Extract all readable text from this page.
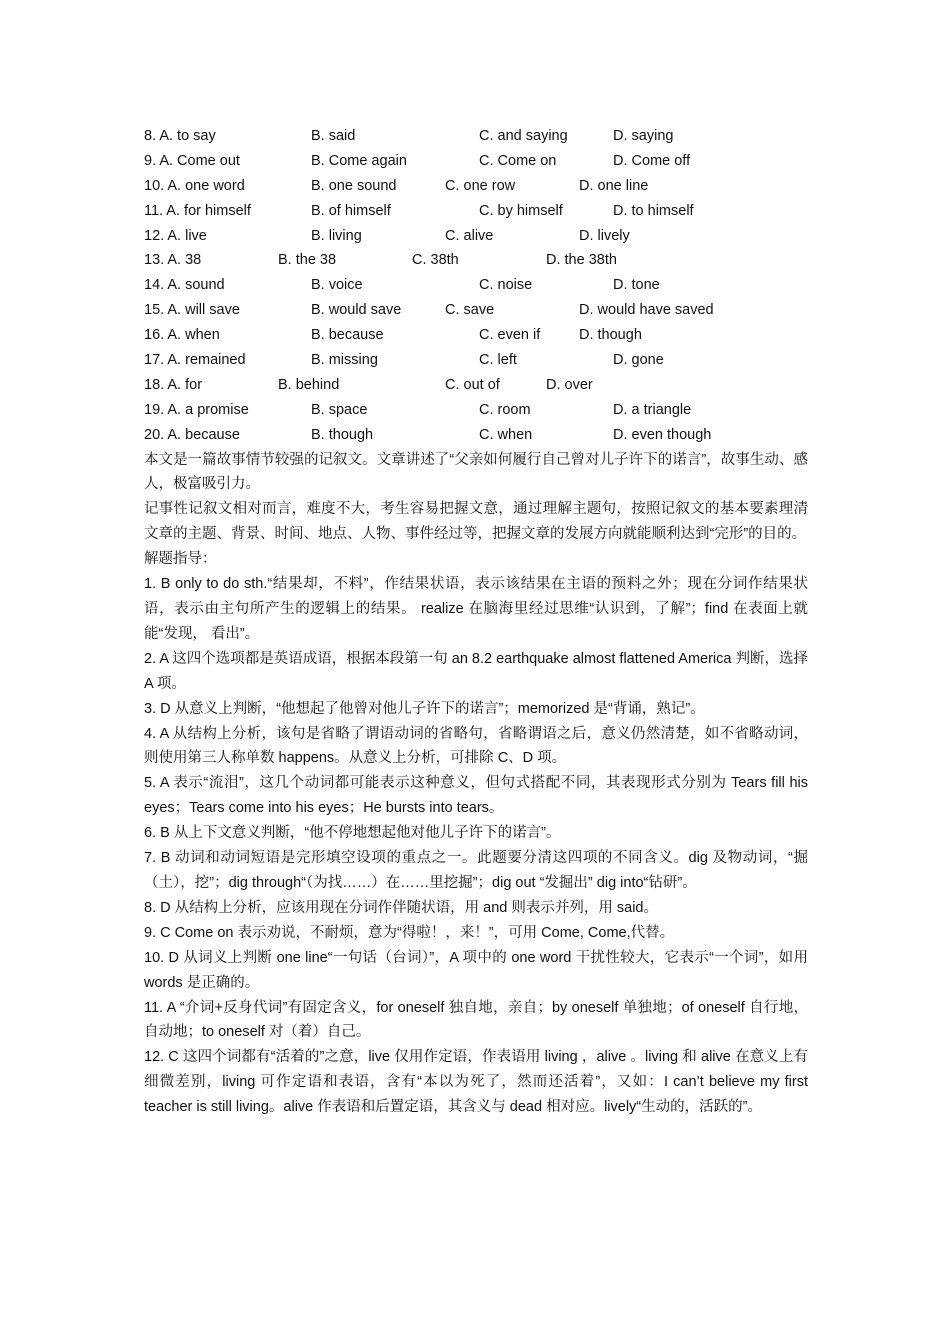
8. A. to say	B. said	C. and saying	D. saying
9. A. Come out	B. Come again	C. Come on	D. Come off
10. A. one word	B. one sound	C. one row	D. one line
11. A. for himself	B. of himself	C. by himself	D. to himself
12. A. live	B. living	C. alive	D. lively
13. A. 38	B. the 38	C. 38th	D. the 38th
14. A. sound	B. voice	C. noise	D. tone
15. A. will save	B. would save	C. save	D. would have saved
16. A. when	B. because	C. even if	D. though
17. A. remained	B. missing	C. left	D. gone
18. A. for	B. behind	C. out of	D. over
19. A. a promise	B. space	C. room	D. a triangle
20. A. because	B. though	C. when	D. even though

本文是一篇故事情节较强的记叙文。文章讲述了“父亲如何履行自己曾对儿子许下的诺言”，故事生动、感人，极富吸引力。

记事性记叙文相对而言，难度不大，考生容易把握文意，通过理解主题句，按照记叙文的基本要素理清文章的主题、背景、时间、地点、人物、事件经过等，把握文章的发展方向就能顺利达到“完形”的目的。

解题指导：

1. B only to do sth.“结果却，不料”，作结果状语，表示该结果在主语的预料之外；现在分词作结果状语，表示由主句所产生的逻辑上的结果。 realize 在脑海里经过思维“认识到，了解”；find 在表面上就能“发现， 看出”。

2. A 这四个选项都是英语成语，根据本段第一句 an 8.2 earthquake almost flattened America 判断，选择 A 项。

3. D 从意义上判断，“他想起了他曾对他儿子许下的诺言”；memorized 是“背诵，熟记”。

4. A 从结构上分析，该句是省略了谓语动词的省略句，省略谓语之后，意义仍然清楚，如不省略动词，则使用第三人称单数 happens。从意义上分析，可排除 C、D 项。

5. A 表示“流泪”，这几个动词都可能表示这种意义，但句式搭配不同，其表现形式分别为 Tears fill his eyes；Tears come into his eyes；He bursts into tears。

6. B 从上下文意义判断，“他不停地想起他对他儿子许下的诺言”。

7. B 动词和动词短语是完形填空设项的重点之一。此题要分清这四项的不同含义。dig 及物动词，“掘（土），挖”；dig through“（为找……）在……里挖掘”；dig out “发掘出” dig into“钻研”。

8. D 从结构上分析，应该用现在分词作伴随状语，用 and 则表示并列，用 said。

9. C Come on 表示劝说，不耐烦，意为“得啦！，来！”，可用 Come, Come,代替。

10. D 从词义上判断 one line“一句话（台词）”，A 项中的 one word 干扰性较大，它表示“一个词”，如用 words 是正确的。

11. A “介词+反身代词”有固定含义，for oneself 独自地，亲自；by oneself 单独地；of oneself 自行地，自动地；to oneself 对（着）自己。

12. C 这四个词都有“活着的”之意，live 仅用作定语，作表语用 living ，alive 。living 和 alive 在意义上有细微差别，living 可作定语和表语，含有“本以为死了，然而还活着”，又如：I can’t believe my first teacher is still living。alive 作表语和后置定语，其含义与 dead 相对应。lively“生动的，活跃的”。
